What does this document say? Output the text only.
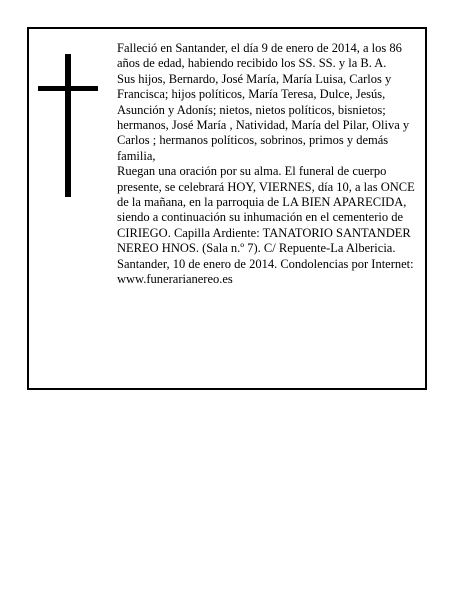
Falleció en Santander, el día 9 de enero de 2014, a los 86 años de edad, habiendo recibido los SS. SS. y la B. A.

Sus hijos, Bernardo, José María, María Luisa, Carlos y Francisca; hijos políticos, María Teresa, Dulce, Jesús, Asunción y Adonís; nietos, nietos políticos, bisnietos; hermanos, José María , Natividad, María del Pilar, Oliva y Carlos ; hermanos políticos, sobrinos, primos y demás familia,

Ruegan una oración por su alma. El funeral de cuerpo presente, se celebrará HOY, VIERNES, día 10, a las ONCE de la mañana, en la parroquia de LA BIEN APARECIDA, siendo a continuación su inhumación en el cementerio de CIRIEGO. Capilla Ardiente: TANATORIO SANTANDER NEREO HNOS. (Sala n.º 7). C/ Repuente-La Albericia.

Santander, 10 de enero de 2014. Condolencias por Internet: www.funerarianereo.es
